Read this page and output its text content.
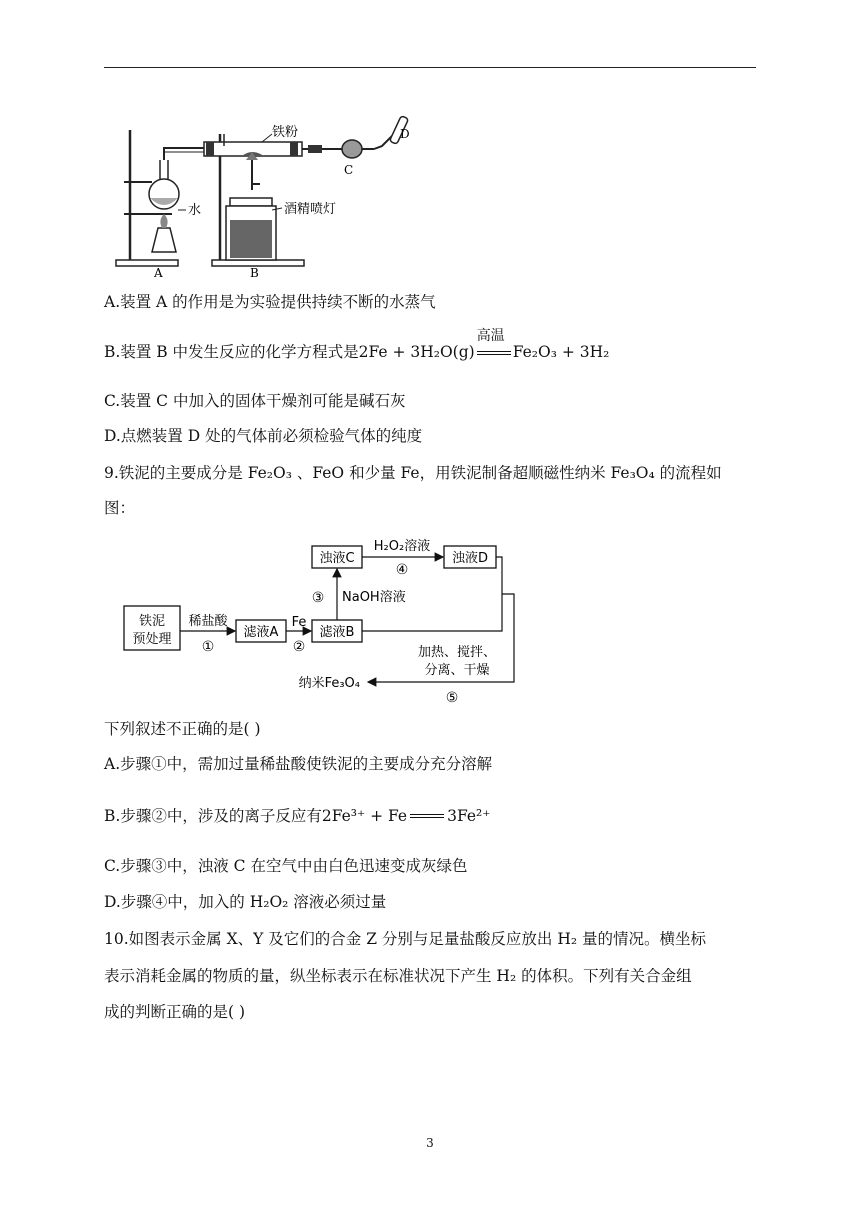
铁粉
水	酒精喷灯
A	B
C
D
A.装置 A 的作用是为实验提供持续不断的水蒸气
B.装置 B 中发生反应的化学方程式是2Fe + 3H₂O(g)
高温
Fe₂O₃ + 3H₂
C.装置 C 中加入的固体干燥剂可能是碱石灰
D.点燃装置 D 处的气体前必须检验气体的纯度
9.铁泥的主要成分是 Fe₂O₃ 、FeO 和少量 Fe，用铁泥制备超顺磁性纳米 Fe₃O₄ 的流程如
图：
铁泥
预处理	滤液A	滤液B
浊液C	浊液D
稀盐酸
①
Fe
②
③ NaOH溶液
H₂O₂溶液
④
加热、搅拌、
分离、干燥
⑤
纳米Fe₃O₄
下列叙述不正确的是( )
A.步骤①中，需加过量稀盐酸使铁泥的主要成分充分溶解
B.步骤②中，涉及的离子反应有2Fe³⁺ + Fe	3Fe²⁺
C.步骤③中，浊液 C 在空气中由白色迅速变成灰绿色
D.步骤④中，加入的 H₂O₂ 溶液必须过量
10.如图表示金属 X、Y 及它们的合金 Z 分别与足量盐酸反应放出 H₂ 量的情况。横坐标
表示消耗金属的物质的量，纵坐标表示在标准状况下产生 H₂ 的体积。下列有关合金组
成的判断正确的是( )
3
